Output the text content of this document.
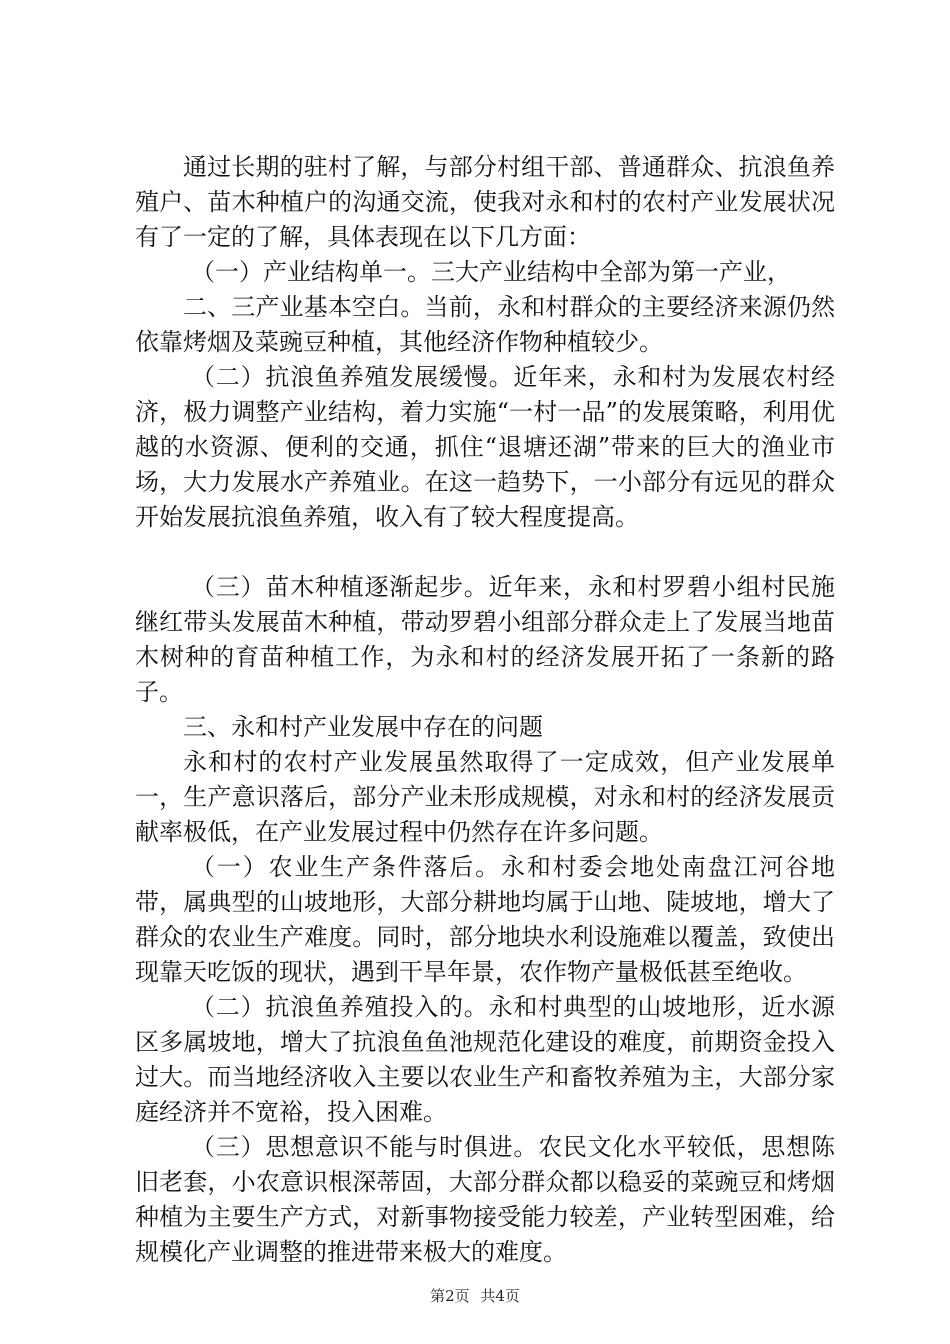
通过长期的驻村了解，与部分村组干部、普通群众、抗浪鱼养殖户、苗木种植户的沟通交流，使我对永和村的农村产业发展状况有了一定的了解，具体表现在以下几方面：

（一）产业结构单一。三大产业结构中全部为第一产业，

二、三产业基本空白。当前，永和村群众的主要经济来源仍然依靠烤烟及菜豌豆种植，其他经济作物种植较少。

（二）抗浪鱼养殖发展缓慢。近年来，永和村为发展农村经济，极力调整产业结构，着力实施“一村一品”的发展策略，利用优越的水资源、便利的交通，抓住“退塘还湖”带来的巨大的渔业市场，大力发展水产养殖业。在这一趋势下，一小部分有远见的群众开始发展抗浪鱼养殖，收入有了较大程度提高。

（三）苗木种植逐渐起步。近年来，永和村罗碧小组村民施继红带头发展苗木种植，带动罗碧小组部分群众走上了发展当地苗木树种的育苗种植工作，为永和村的经济发展开拓了一条新的路子。

三、永和村产业发展中存在的问题

永和村的农村产业发展虽然取得了一定成效，但产业发展单一，生产意识落后，部分产业未形成规模，对永和村的经济发展贡献率极低，在产业发展过程中仍然存在许多问题。

（一）农业生产条件落后。永和村委会地处南盘江河谷地带，属典型的山坡地形，大部分耕地均属于山地、陡坡地，增大了群众的农业生产难度。同时，部分地块水利设施难以覆盖，致使出现靠天吃饭的现状，遇到干旱年景，农作物产量极低甚至绝收。

（二）抗浪鱼养殖投入的。永和村典型的山坡地形，近水源区多属坡地，增大了抗浪鱼鱼池规范化建设的难度，前期资金投入过大。而当地经济收入主要以农业生产和畜牧养殖为主，大部分家庭经济并不宽裕，投入困难。

（三）思想意识不能与时俱进。农民文化水平较低，思想陈旧老套，小农意识根深蒂固，大部分群众都以稳妥的菜豌豆和烤烟种植为主要生产方式，对新事物接受能力较差，产业转型困难，给规模化产业调整的推进带来极大的难度。

第2页 共4页
